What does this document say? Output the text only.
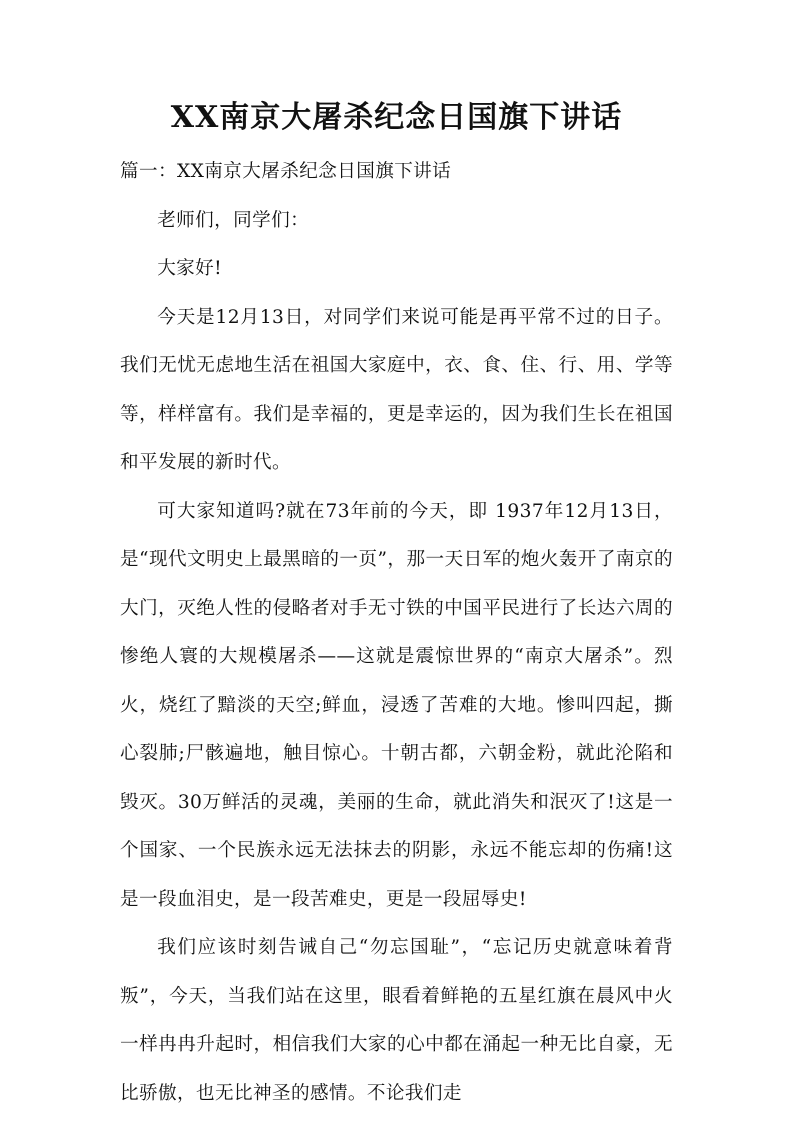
XX南京大屠杀纪念日国旗下讲话

篇一：XX南京大屠杀纪念日国旗下讲话

老师们，同学们：

大家好!

今天是12月13日，对同学们来说可能是再平常不过的日子。我们无忧无虑地生活在祖国大家庭中，衣、食、住、行、用、学等等，样样富有。我们是幸福的，更是幸运的，因为我们生长在祖国和平发展的新时代。

可大家知道吗?就在73年前的今天，即 1937年12月13日，是“现代文明史上最黑暗的一页”，那一天日军的炮火轰开了南京的大门，灭绝人性的侵略者对手无寸铁的中国平民进行了长达六周的惨绝人寰的大规模屠杀——这就是震惊世界的“南京大屠杀”。烈火，烧红了黯淡的天空;鲜血，浸透了苦难的大地。惨叫四起，撕心裂肺;尸骸遍地，触目惊心。十朝古都，六朝金粉，就此沦陷和毁灭。30万鲜活的灵魂，美丽的生命，就此消失和泯灭了!这是一个国家、一个民族永远无法抹去的阴影，永远不能忘却的伤痛!这是一段血泪史，是一段苦难史，更是一段屈辱史!

我们应该时刻告诫自己“勿忘国耻”，“忘记历史就意味着背叛”，今天，当我们站在这里，眼看着鲜艳的五星红旗在晨风中火一样冉冉升起时，相信我们大家的心中都在涌起一种无比自豪，无比骄傲，也无比神圣的感情。不论我们走
